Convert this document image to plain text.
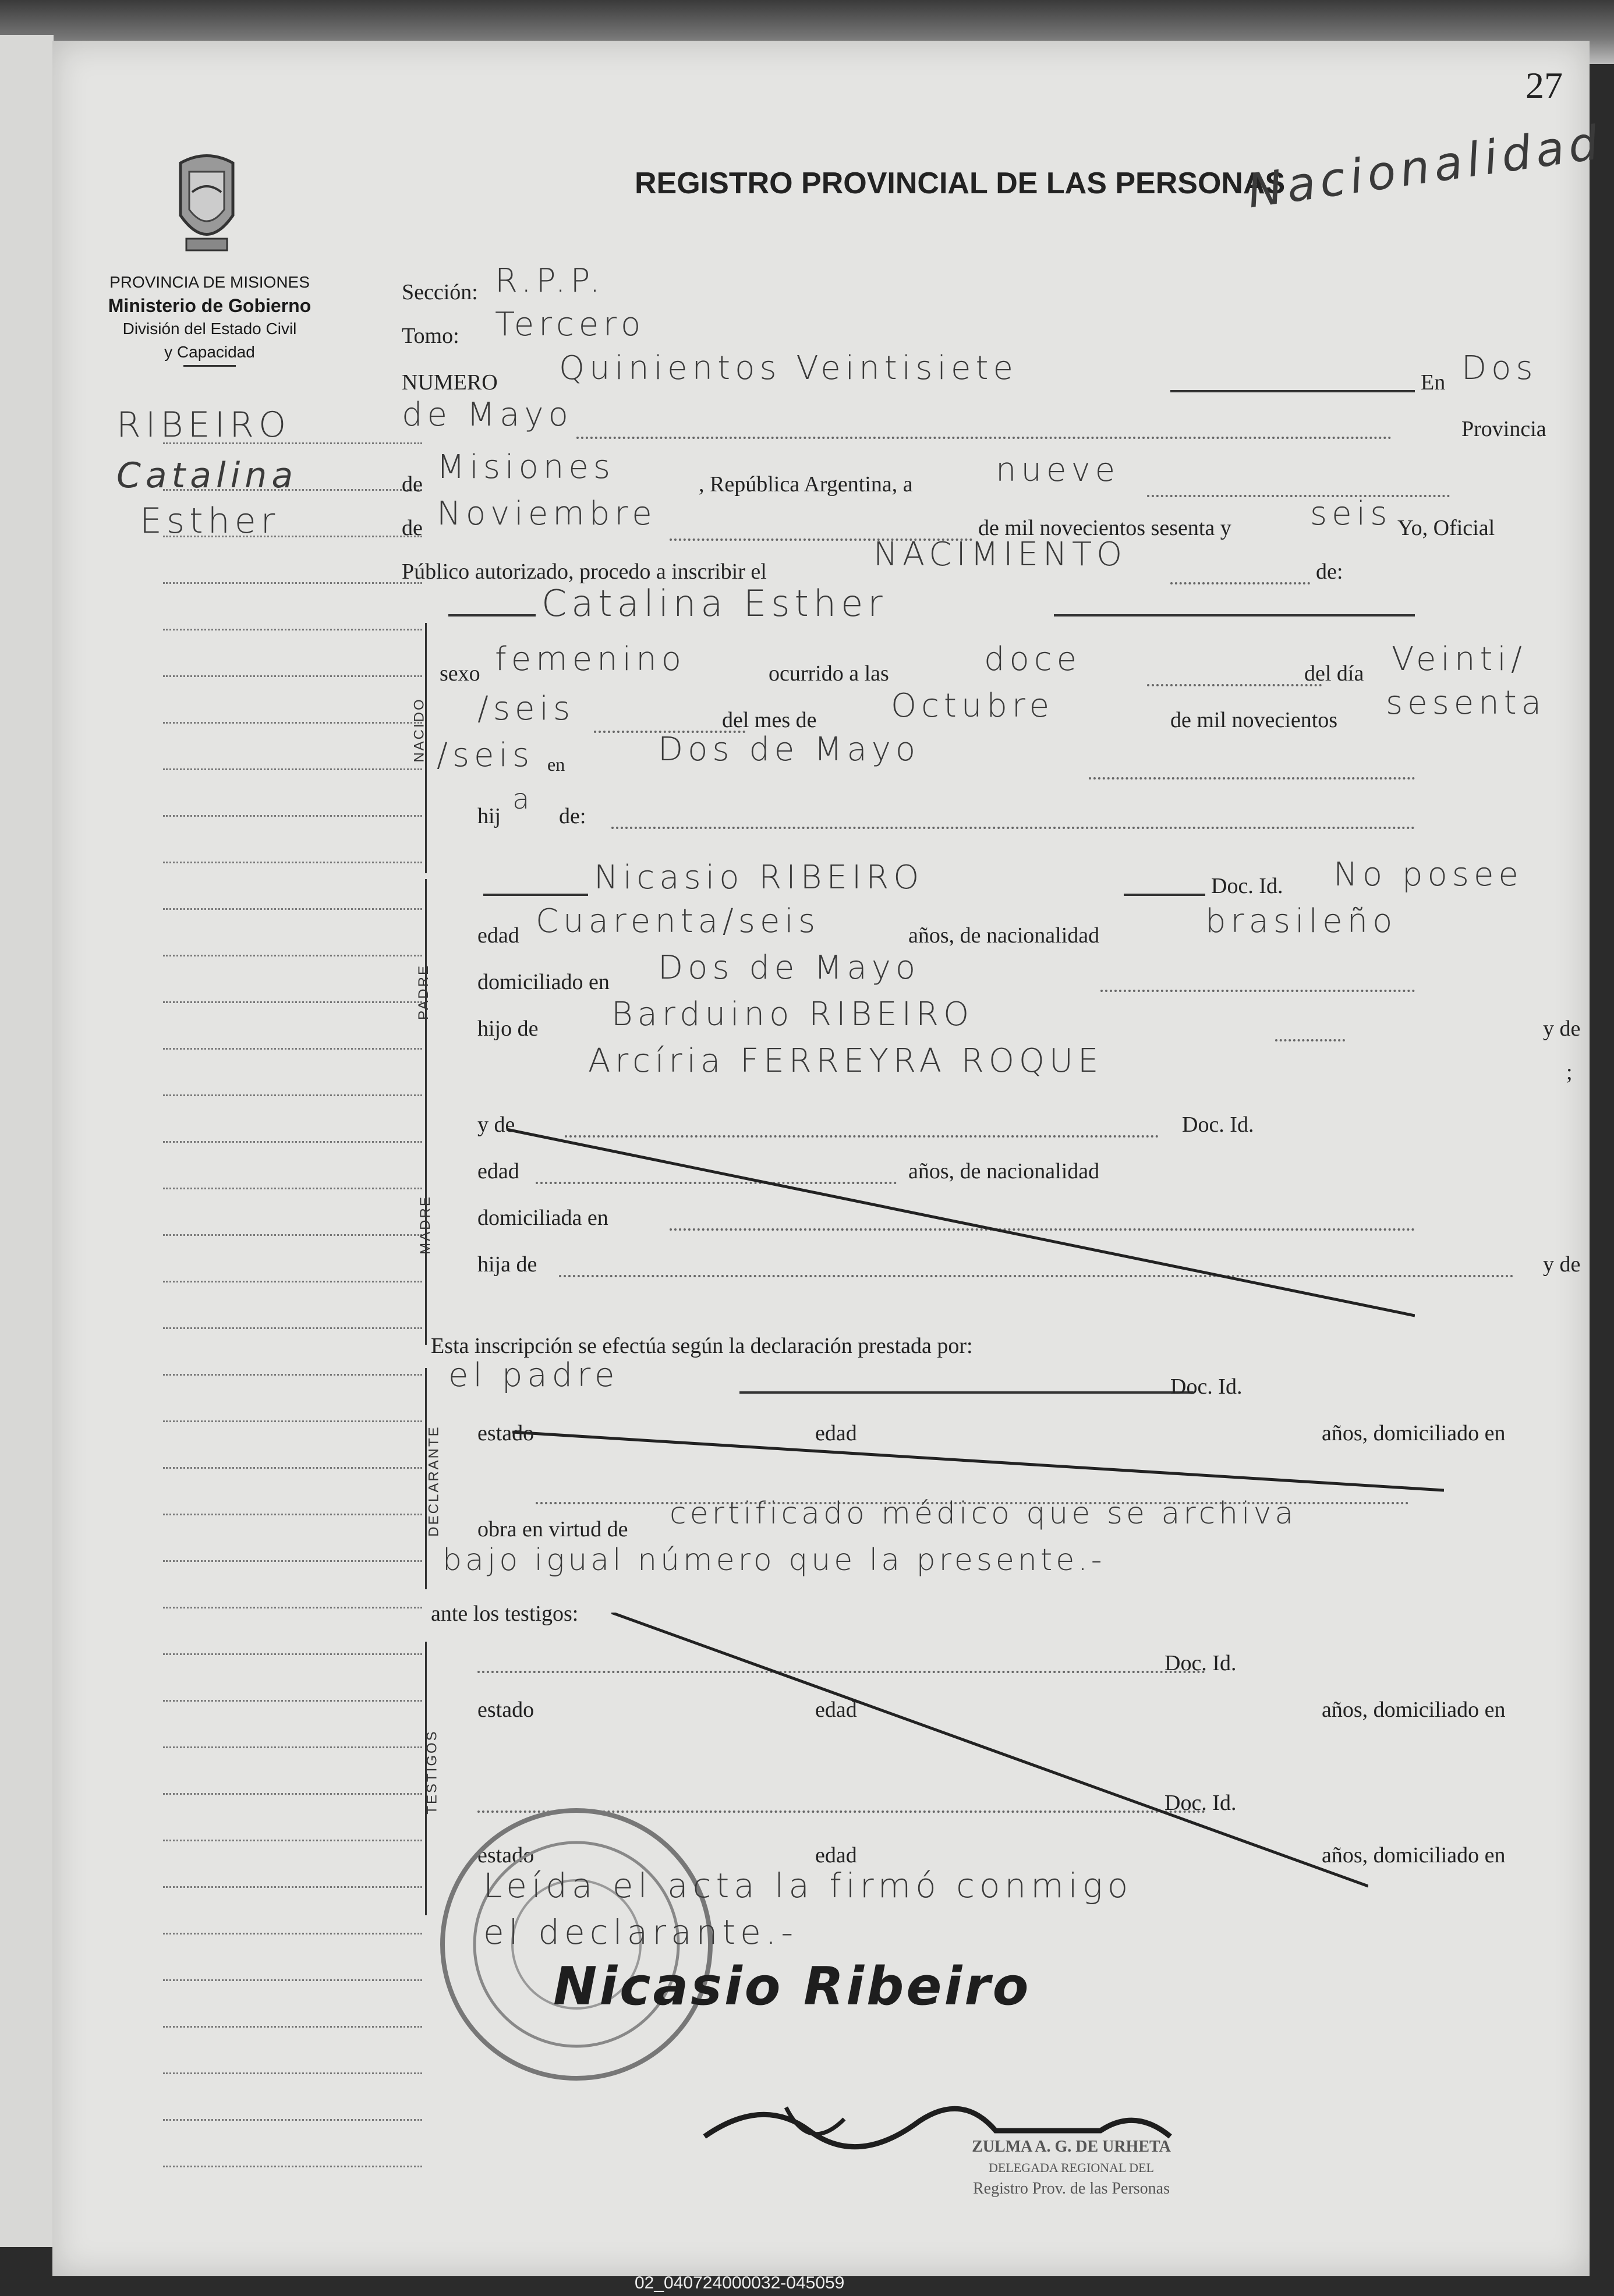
27
PROVINCIA DE MISIONES
Ministerio de Gobierno
División del Estado Civil
y Capacidad
REGISTRO PROVINCIAL DE LAS PERSONAS
Nacionalidad
RIBEIRO
Catalina
Esther
Sección: R.P.P.
Tomo: Tercero
NUMERO Quinientos Veintisiete	En Dos
de Mayo	Provincia
de Misiones	, República Argentina, a	nueve
de Noviembre	de mil novecientos sesenta y seis Yo, Oficial
Público autorizado, procedo a inscribir el	NACIMIENTO	de:
Catalina Esther
NACIDO
sexo femenino	ocurrido a las	doce	del día Veinti/
/seis	del mes de Octubre	de mil novecientos sesenta
/seis en	Dos de Mayo
hij
a
de:
PADRE
Nicasio RIBEIRO	Doc. Id. No posee
edad Cuarenta/seis	años, de nacionalidad	brasileño
domiciliado en Dos de Mayo
hijo de Barduino RIBEIRO	y de
Arcíria FERREYRA ROQUE	;
MADRE
y de	Doc. Id.
edad	años, de nacionalidad
domiciliada en
hija de	y de
Esta inscripción se efectúa según la declaración prestada por:
DECLARANTE
el padre	Doc. Id.
estado	edad	años, domiciliado en
obra en virtud de certificado médico que se archiva
bajo igual número que la presente.-
ante los testigos:
TESTIGOS
Doc. Id.
estado	edad	años, domiciliado en
Doc. Id.
estado	edad	años, domiciliado en
Leída el acta la firmó conmigo
el declarante.-
Nicasio Ribeiro
ZULMA A. G. DE URHETA
DELEGADA REGIONAL DEL
Registro Prov. de las Personas
02_040724000032-045059
